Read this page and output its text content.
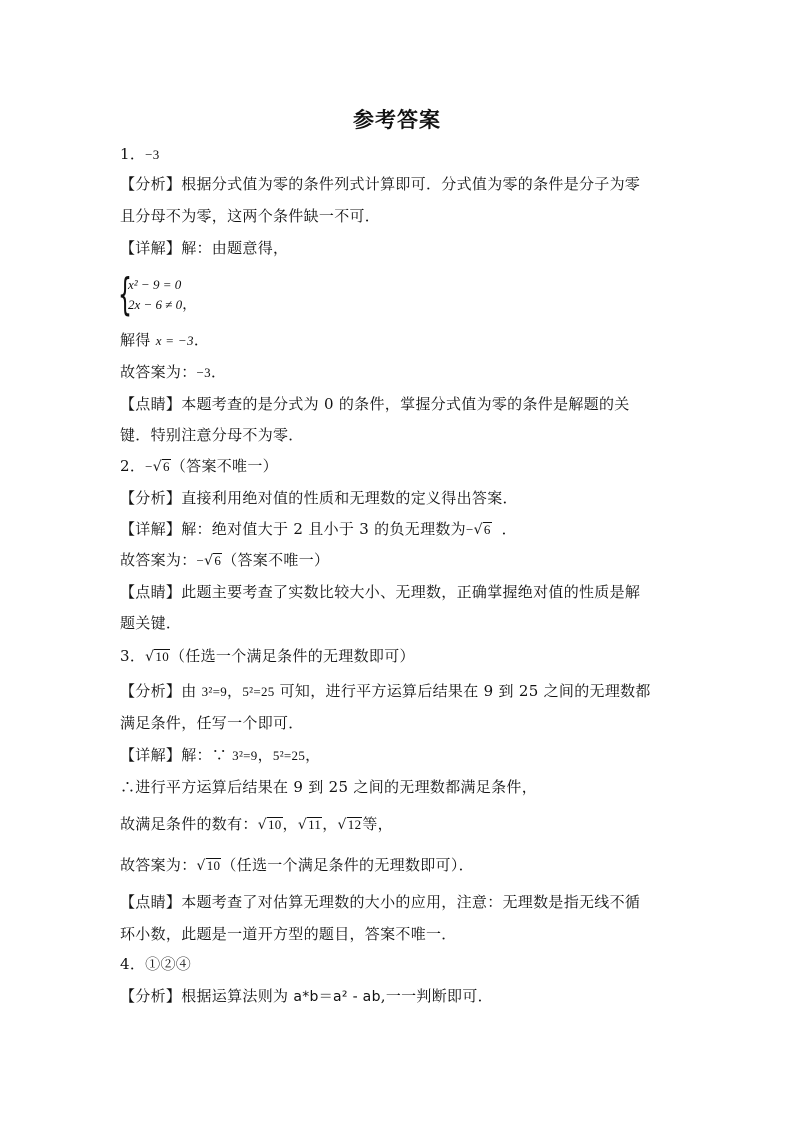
参考答案
1．−3
【分析】根据分式值为零的条件列式计算即可．分式值为零的条件是分子为零
且分母不为零，这两个条件缺一不可．
【详解】解：由题意得，
{
x² − 9 = 0
2x − 6 ≠ 0，
解得 x = −3．
故答案为：−3．
【点睛】本题考查的是分式为 0 的条件，掌握分式值为零的条件是解题的关
键．特别注意分母不为零．
2．−√6（答案不唯一）
【分析】直接利用绝对值的性质和无理数的定义得出答案．
【详解】解：绝对值大于 2 且小于 3 的负无理数为−√6 ．
故答案为：−√6（答案不唯一）
【点睛】此题主要考查了实数比较大小、无理数，正确掌握绝对值的性质是解
题关键．
3．√10（任选一个满足条件的无理数即可）
【分析】由 3²=9，5²=25 可知，进行平方运算后结果在 9 到 25 之间的无理数都
满足条件，任写一个即可．
【详解】解：∵ 3²=9，5²=25，
∴进行平方运算后结果在 9 到 25 之间的无理数都满足条件，
故满足条件的数有：√10，√11，√12等，
故答案为：√10（任选一个满足条件的无理数即可）．
【点睛】本题考查了对估算无理数的大小的应用，注意：无理数是指无线不循
环小数，此题是一道开方型的题目，答案不唯一．
4．①②④
【分析】根据运算法则为 a*b＝a² - ab,一一判断即可．
